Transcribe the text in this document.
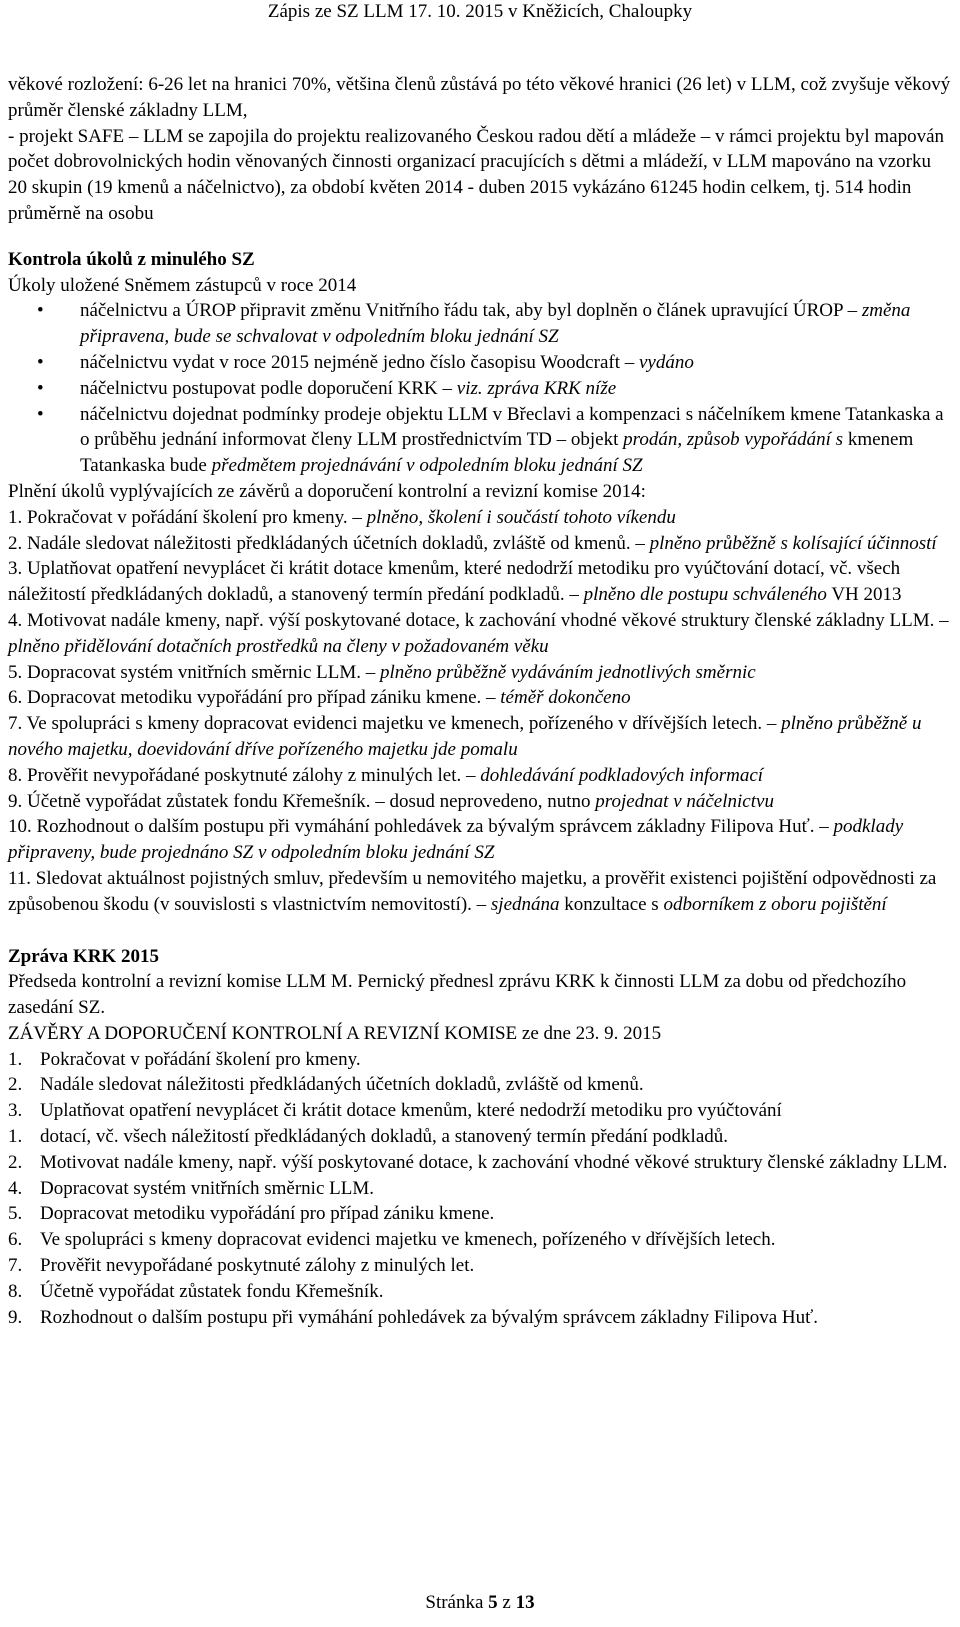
Zápis ze SZ LLM 17. 10. 2015 v Kněžicích, Chaloupky

věkové rozložení: 6-26 let na hranici 70%, většina členů zůstává po této věkové hranici (26 let) v LLM, což zvyšuje věkový průměr členské základny LLM,

- projekt SAFE – LLM se zapojila do projektu realizovaného Českou radou dětí a mládeže – v rámci projektu byl mapován počet dobrovolnických hodin věnovaných činnosti organizací pracujících s dětmi a mládeží, v LLM mapováno na vzorku 20 skupin (19 kmenů a náčelnictvo), za období květen 2014 - duben 2015 vykázáno 61245 hodin celkem, tj. 514 hodin průměrně na osobu

Kontrola úkolů z minulého SZ
Úkoly uložené Sněmem zástupců v roce 2014
• náčelnictvu a ÚROP připravit změnu Vnitřního řádu tak, aby byl doplněn o článek upravující ÚROP – změna připravena, bude se schvalovat v odpoledním bloku jednání SZ
• náčelnictvu vydat v roce 2015 nejméně jedno číslo časopisu Woodcraft – vydáno
• náčelnictvu postupovat podle doporučení KRK – viz. zpráva KRK níže
• náčelnictvu dojednat podmínky prodeje objektu LLM v Břeclavi a kompenzaci s náčelníkem kmene Tatankaska a o průběhu jednání informovat členy LLM prostřednictvím TD – objekt prodán, způsob vypořádání s kmenem Tatankaska bude předmětem projednávání v odpoledním bloku jednání SZ
Plnění úkolů vyplývajících ze závěrů a doporučení kontrolní a revizní komise 2014:
1. Pokračovat v pořádání školení pro kmeny. – plněno, školení i součástí tohoto víkendu
2. Nadále sledovat náležitosti předkládaných účetních dokladů, zvláště od kmenů. – plněno průběžně s kolísající účinností
3. Uplatňovat opatření nevyplácet či krátit dotace kmenům, které nedodrží metodiku pro vyúčtování dotací, vč. všech náležitostí předkládaných dokladů, a stanovený termín předání podkladů. – plněno dle postupu schváleného VH 2013
4. Motivovat nadále kmeny, např. výší poskytované dotace, k zachování vhodné věkové struktury členské základny LLM. – plněno přidělování dotačních prostředků na členy v požadovaném věku
5. Dopracovat systém vnitřních směrnic LLM. – plněno průběžně vydáváním jednotlivých směrnic
6. Dopracovat metodiku vypořádání pro případ zániku kmene. – téměř dokončeno
7. Ve spolupráci s kmeny dopracovat evidenci majetku ve kmenech, pořízeného v dřívějších letech. – plněno průběžně u nového majetku, doevidování dříve pořízeného majetku jde pomalu
8. Prověřit nevypořádané poskytnuté zálohy z minulých let. – dohledávání podkladových informací
9. Účetně vypořádat zůstatek fondu Křemešník. – dosud neprovedeno, nutno projednat v náčelnictvu
10. Rozhodnout o dalším postupu při vymáhání pohledávek za bývalým správcem základny Filipova Huť. – podklady připraveny, bude projednáno SZ v odpoledním bloku jednání SZ
11. Sledovat aktuálnost pojistných smluv, především u nemovitého majetku, a prověřit existenci pojištění odpovědnosti za způsobenou škodu (v souvislosti s vlastnictvím nemovitostí). – sjednána konzultace s odborníkem z oboru pojištění
Zpráva KRK 2015
Předseda kontrolní a revizní komise LLM M. Pernický přednesl zprávu KRK k činnosti LLM za dobu od předchozího zasedání SZ.
ZÁVĚRY A DOPORUČENÍ KONTROLNÍ A REVIZNÍ KOMISE ze dne 23. 9. 2015
1. Pokračovat v pořádání školení pro kmeny.
2. Nadále sledovat náležitosti předkládaných účetních dokladů, zvláště od kmenů.
3. Uplatňovat opatření nevyplácet či krátit dotace kmenům, které nedodrží metodiku pro vyúčtování
1. dotací, vč. všech náležitostí předkládaných dokladů, a stanovený termín předání podkladů.
2. Motivovat nadále kmeny, např. výší poskytované dotace, k zachování vhodné věkové struktury členské základny LLM.
4. Dopracovat systém vnitřních směrnic LLM.
5. Dopracovat metodiku vypořádání pro případ zániku kmene.
6. Ve spolupráci s kmeny dopracovat evidenci majetku ve kmenech, pořízeného v dřívějších letech.
7. Prověřit nevypořádané poskytnuté zálohy z minulých let.
8. Účetně vypořádat zůstatek fondu Křemešník.
9. Rozhodnout o dalším postupu při vymáhání pohledávek za bývalým správcem základny Filipova Huť.
Stránka 5 z 13
